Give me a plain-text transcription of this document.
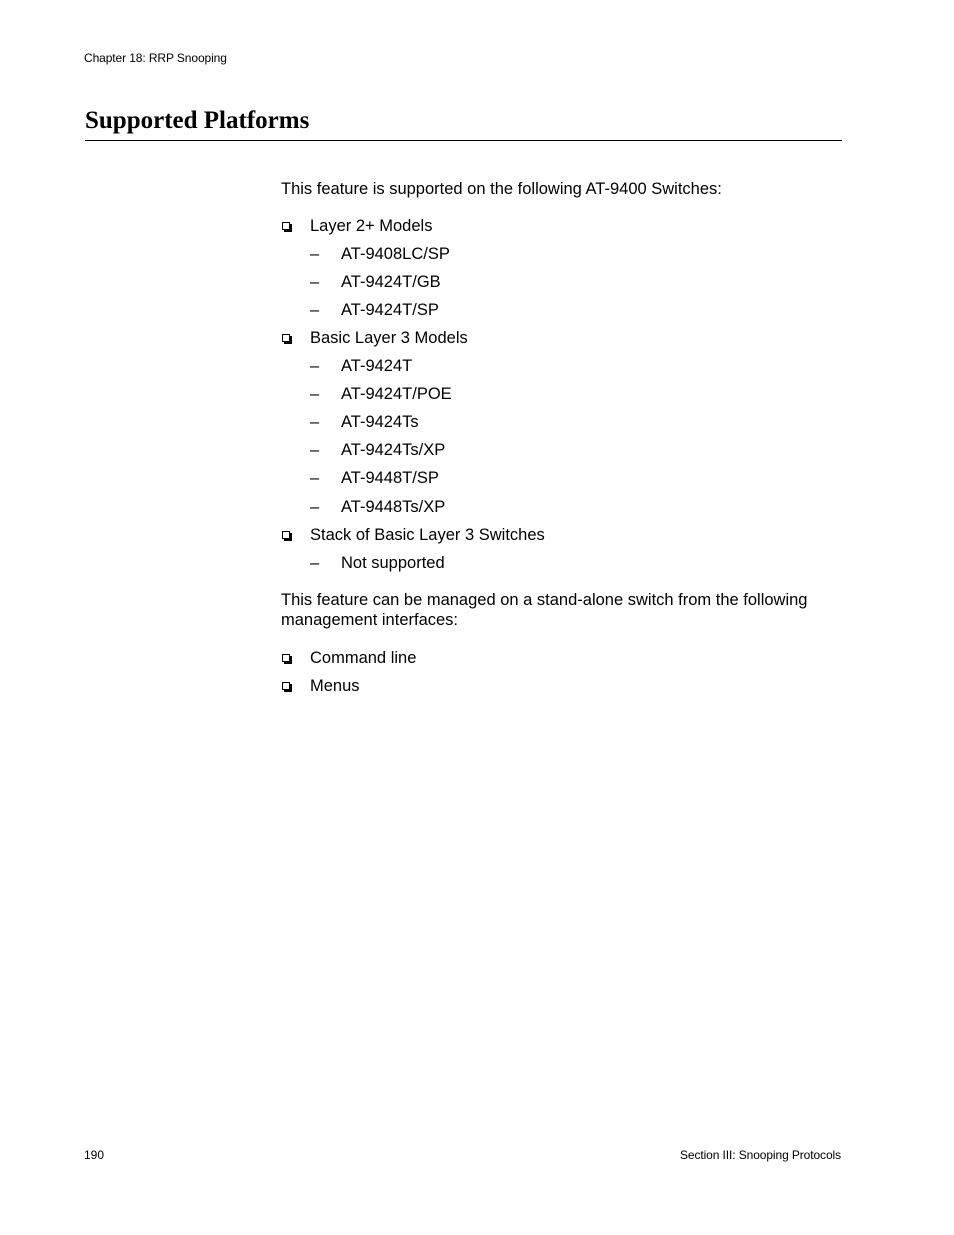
Chapter 18: RRP Snooping
Supported Platforms

This feature is supported on the following AT-9400 Switches:

Layer 2+ Models
– AT-9408LC/SP
– AT-9424T/GB
– AT-9424T/SP
Basic Layer 3 Models
– AT-9424T
– AT-9424T/POE
– AT-9424Ts
– AT-9424Ts/XP
– AT-9448T/SP
– AT-9448Ts/XP
Stack of Basic Layer 3 Switches
– Not supported

This feature can be managed on a stand-alone switch from the following management interfaces:

Command line
Menus
190	Section III: Snooping Protocols
